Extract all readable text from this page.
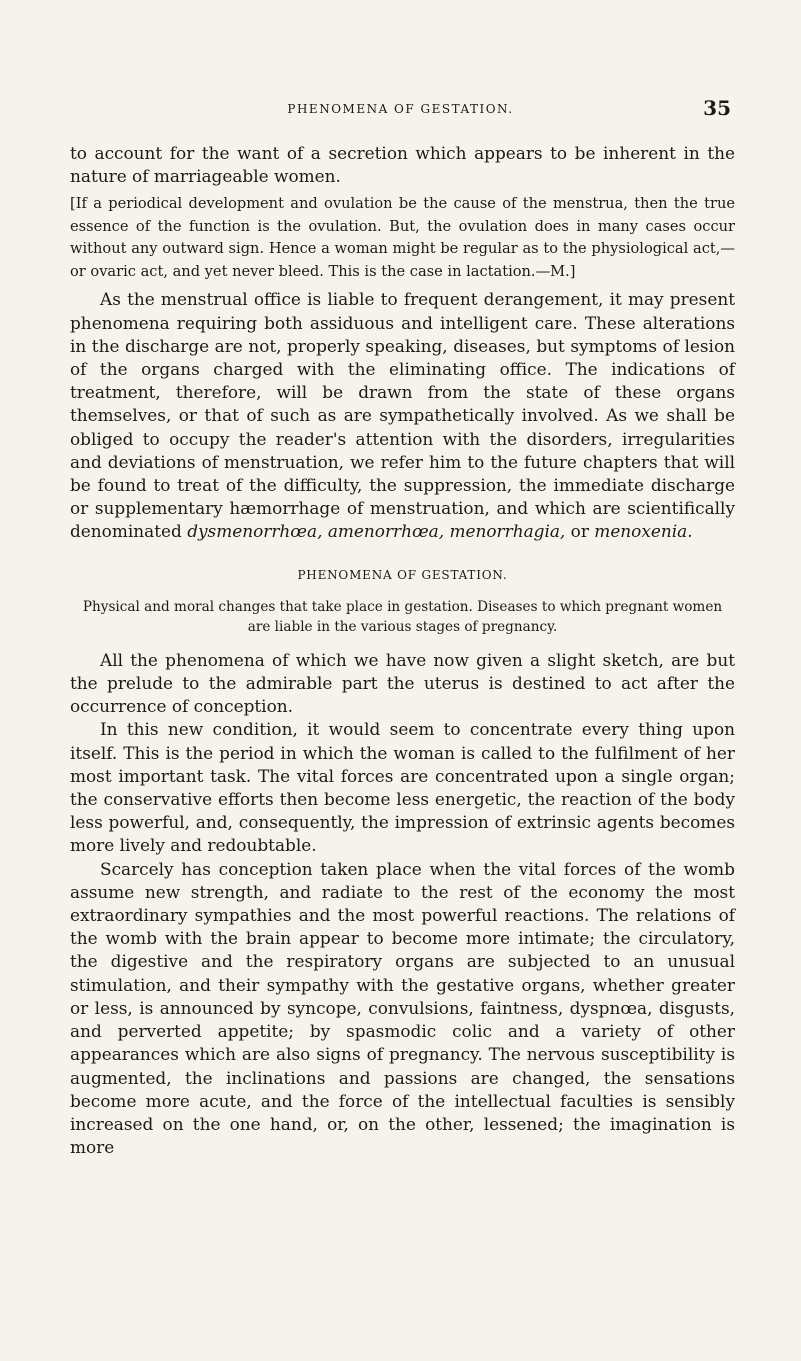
PHENOMENA OF GESTATION.	35

to account for the want of a secretion which appears to be inherent in the nature of marriageable women.

[If a periodical development and ovulation be the cause of the menstrua, then the true essence of the function is the ovulation. But, the ovulation does in many cases occur without any outward sign. Hence a woman might be regular as to the physiological act,—or ovaric act, and yet never bleed. This is the case in lactation.—M.]

As the menstrual office is liable to frequent derangement, it may present phenomena requiring both assiduous and intelligent care. These alterations in the discharge are not, properly speaking, diseases, but symptoms of lesion of the organs charged with the eliminating office. The indications of treatment, therefore, will be drawn from the state of these organs themselves, or that of such as are sympathetically involved. As we shall be obliged to occupy the reader's attention with the disorders, irregularities and deviations of menstruation, we refer him to the future chapters that will be found to treat of the difficulty, the suppression, the immediate discharge or supplementary hæmorrhage of menstruation, and which are scientifically denominated dysmenorrhœa, amenorrhœa, menorrhagia, or menoxenia.

PHENOMENA OF GESTATION.

Physical and moral changes that take place in gestation. Diseases to which pregnant women are liable in the various stages of pregnancy.

All the phenomena of which we have now given a slight sketch, are but the prelude to the admirable part the uterus is destined to act after the occurrence of conception.

In this new condition, it would seem to concentrate every thing upon itself. This is the period in which the woman is called to the fulfilment of her most important task. The vital forces are concentrated upon a single organ; the conservative efforts then become less energetic, the reaction of the body less powerful, and, consequently, the impression of extrinsic agents becomes more lively and redoubtable.

Scarcely has conception taken place when the vital forces of the womb assume new strength, and radiate to the rest of the economy the most extraordinary sympathies and the most powerful reactions. The relations of the womb with the brain appear to become more intimate; the circulatory, the digestive and the respiratory organs are subjected to an unusual stimulation, and their sympathy with the gestative organs, whether greater or less, is announced by syncope, convulsions, faintness, dyspnœa, disgusts, and perverted appetite; by spasmodic colic and a variety of other appearances which are also signs of pregnancy. The nervous susceptibility is augmented, the inclinations and passions are changed, the sensations become more acute, and the force of the intellectual faculties is sensibly increased on the one hand, or, on the other, lessened; the imagination is more
